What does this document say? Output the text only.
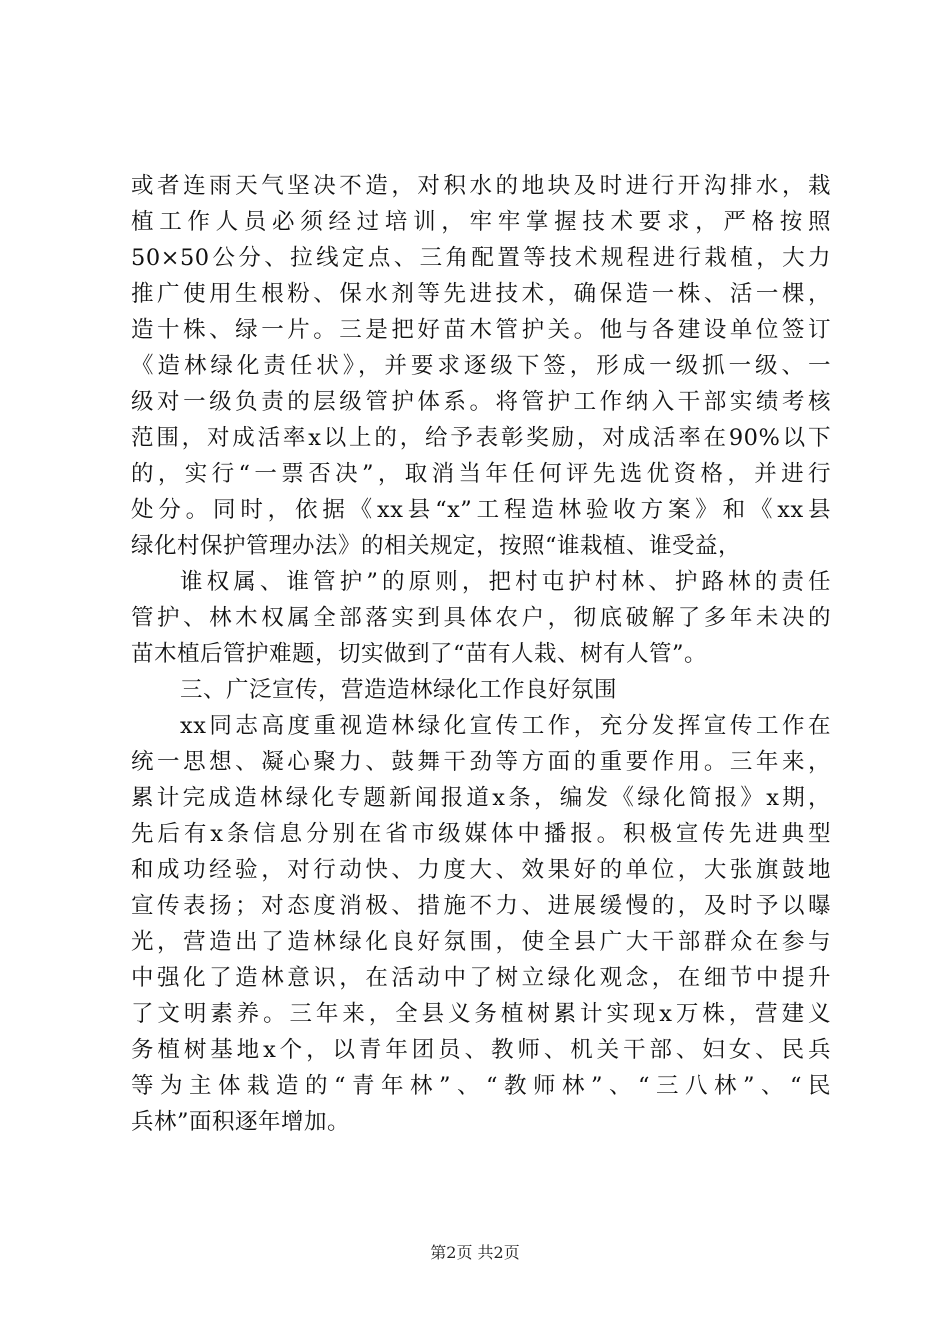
或者连雨天气坚决不造，对积水的地块及时进行开沟排水，栽
植工作人员必须经过培训，牢牢掌握技术要求，严格按照
50×50公分、拉线定点、三角配置等技术规程进行栽植，大力
推广使用生根粉、保水剂等先进技术，确保造一株、活一棵，
造十株、绿一片。三是把好苗木管护关。他与各建设单位签订
《造林绿化责任状》，并要求逐级下签，形成一级抓一级、一
级对一级负责的层级管护体系。将管护工作纳入干部实绩考核
范围，对成活率x以上的，给予表彰奖励，对成活率在90%以下
的，实行“一票否决”，取消当年任何评先选优资格，并进行
处分。同时，依据《xx县“x”工程造林验收方案》和《xx县
绿化村保护管理办法》的相关规定，按照“谁栽植、谁受益，
谁权属、谁管护”的原则，把村屯护村林、护路林的责任
管护、林木权属全部落实到具体农户，彻底破解了多年未决的
苗木植后管护难题，切实做到了“苗有人栽、树有人管”。
三、广泛宣传，营造造林绿化工作良好氛围
xx同志高度重视造林绿化宣传工作，充分发挥宣传工作在
统一思想、凝心聚力、鼓舞干劲等方面的重要作用。三年来，
累计完成造林绿化专题新闻报道x条，编发《绿化简报》x期，
先后有x条信息分别在省市级媒体中播报。积极宣传先进典型
和成功经验，对行动快、力度大、效果好的单位，大张旗鼓地
宣传表扬；对态度消极、措施不力、进展缓慢的，及时予以曝
光，营造出了造林绿化良好氛围，使全县广大干部群众在参与
中强化了造林意识，在活动中了树立绿化观念，在细节中提升
了文明素养。三年来，全县义务植树累计实现x万株，营建义
务植树基地x个，以青年团员、教师、机关干部、妇女、民兵
等为主体栽造的“青年林”、“教师林”、“三八林”、“民
兵林”面积逐年增加。
第2页 共2页
